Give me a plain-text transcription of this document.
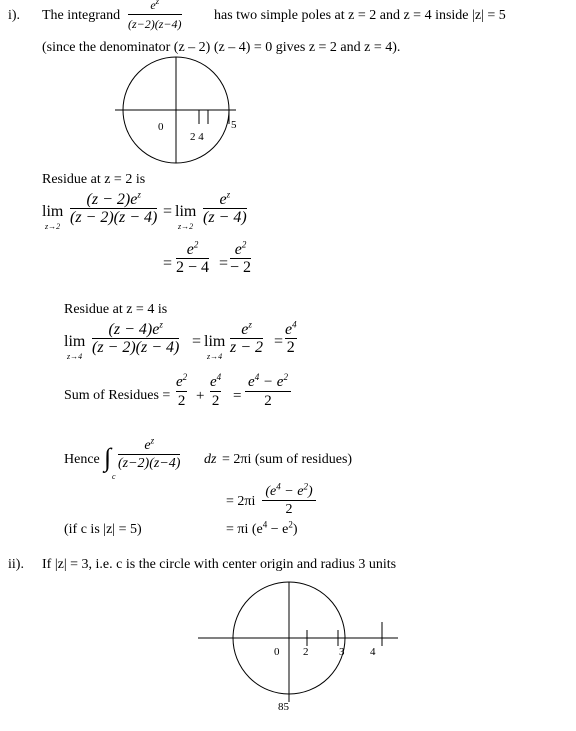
i). The integrand
$e^z$
(z−2)(z−4)
has two simple poles at z = 2 and z = 4 inside |z| = 5
(since the denominator (z – 2) (z – 4) = 0 gives z = 2 and z = 4).
0
2 4
5
Residue at z = 2 is
lim
z→2
$(z - 2)e^z$
(z − 2)(z − 4) = lim
z→2
$e^z$
(z − 4)
=
$e^2$
2 − 4 =
$e^2$
− 2
Residue at z = 4 is
lim
z→4
$(z - 4)e^z$
(z − 2)(z − 4) = lim
z→4
$e^z$
z − 2 =
$e^4$
2
Sum of Residues =
$e^2$
2 +
$e^4$
2 =
$e^4 - e^2$
2
Hence ∫
c
$e^z$
(z−2)(z−4) dz = 2πi (sum of residues)
= 2πi
$(e^4 - e^2)$
2
(if c is |z| = 5)	= πi $(e^4 - e^2)$
ii). If |z| = 3, i.e. c is the circle with center origin and radius 3 units
0 2	3 4
85
